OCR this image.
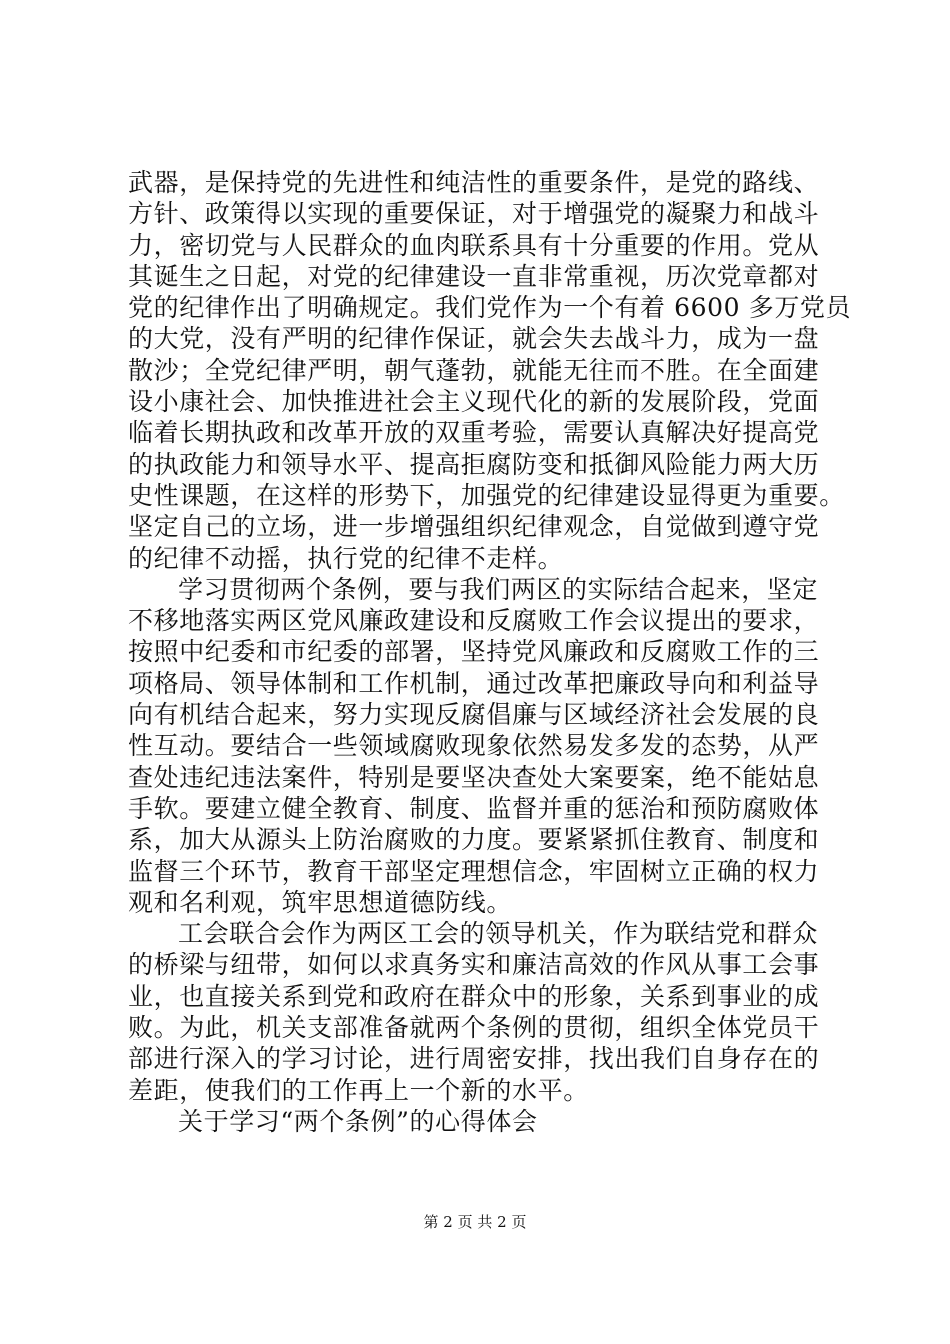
武器，是保持党的先进性和纯洁性的重要条件，是党的路线、
方针、政策得以实现的重要保证，对于增强党的凝聚力和战斗
力，密切党与人民群众的血肉联系具有十分重要的作用。党从
其诞生之日起，对党的纪律建设一直非常重视，历次党章都对
党的纪律作出了明确规定。我们党作为一个有着 6600 多万党员
的大党，没有严明的纪律作保证，就会失去战斗力，成为一盘
散沙；全党纪律严明，朝气蓬勃，就能无往而不胜。在全面建
设小康社会、加快推进社会主义现代化的新的发展阶段，党面
临着长期执政和改革开放的双重考验，需要认真解决好提高党
的执政能力和领导水平、提高拒腐防变和抵御风险能力两大历
史性课题，在这样的形势下，加强党的纪律建设显得更为重要。
坚定自己的立场，进一步增强组织纪律观念，自觉做到遵守党
的纪律不动摇，执行党的纪律不走样。
学习贯彻两个条例，要与我们两区的实际结合起来，坚定
不移地落实两区党风廉政建设和反腐败工作会议提出的要求，
按照中纪委和市纪委的部署，坚持党风廉政和反腐败工作的三
项格局、领导体制和工作机制，通过改革把廉政导向和利益导
向有机结合起来，努力实现反腐倡廉与区域经济社会发展的良
性互动。要结合一些领域腐败现象依然易发多发的态势，从严
查处违纪违法案件，特别是要坚决查处大案要案，绝不能姑息
手软。要建立健全教育、制度、监督并重的惩治和预防腐败体
系，加大从源头上防治腐败的力度。要紧紧抓住教育、制度和
监督三个环节，教育干部坚定理想信念，牢固树立正确的权力
观和名利观，筑牢思想道德防线。
工会联合会作为两区工会的领导机关，作为联结党和群众
的桥梁与纽带，如何以求真务实和廉洁高效的作风从事工会事
业，也直接关系到党和政府在群众中的形象，关系到事业的成
败。为此，机关支部准备就两个条例的贯彻，组织全体党员干
部进行深入的学习讨论，进行周密安排，找出我们自身存在的
差距，使我们的工作再上一个新的水平。
关于学习“两个条例”的心得体会
第 2 页 共 2 页
